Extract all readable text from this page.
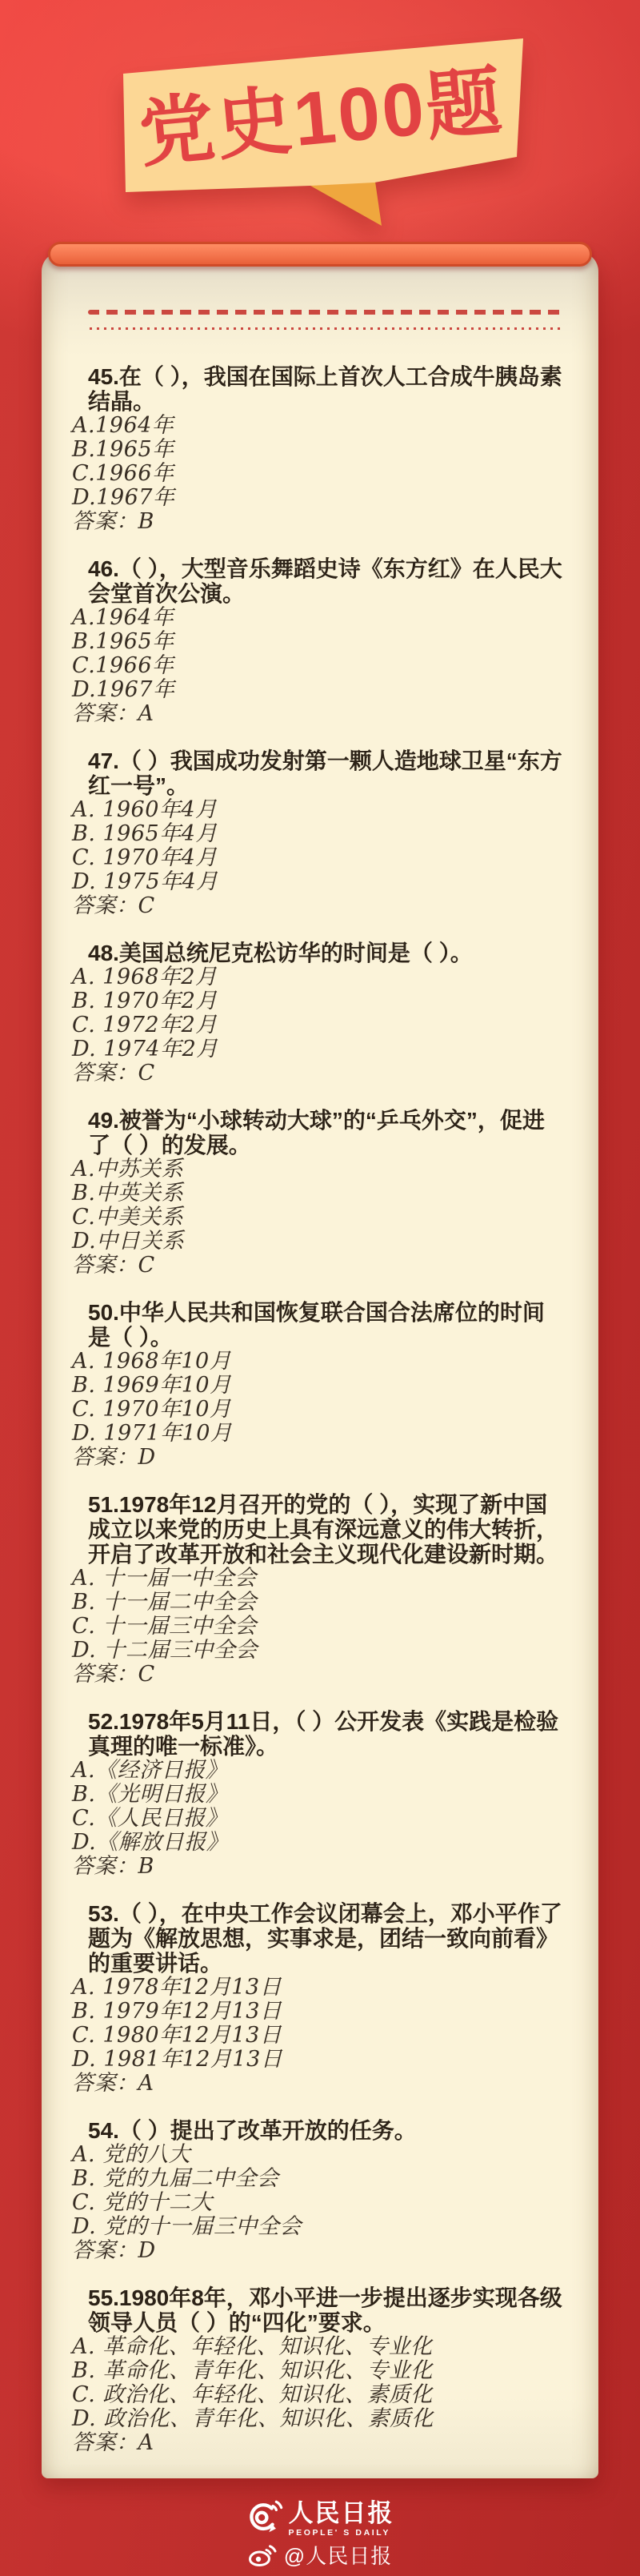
党史100题
45.在（ ），我国在国际上首次人工合成牛胰岛素结晶。

A.1964年

B.1965年

C.1966年

D.1967年

答案：B

46.（ ），大型音乐舞蹈史诗《东方红》在人民大会堂首次公演。

A.1964年

B.1965年

C.1966年

D.1967年

答案：A

47.（ ）我国成功发射第一颗人造地球卫星“东方红一号”。

A. 1960年4月

B. 1965年4月

C. 1970年4月

D. 1975年4月

答案：C

48.美国总统尼克松访华的时间是（ ）。

A. 1968年2月

B. 1970年2月

C. 1972年2月

D. 1974年2月

答案：C

49.被誉为“小球转动大球”的“乒乓外交”，促进了（ ）的发展。

A.中苏关系

B.中英关系

C.中美关系

D.中日关系

答案：C

50.中华人民共和国恢复联合国合法席位的时间是（ ）。

A. 1968年10月

B. 1969年10月

C. 1970年10月

D. 1971年10月

答案：D

51.1978年12月召开的党的（ ），实现了新中国成立以来党的历史上具有深远意义的伟大转折，开启了改革开放和社会主义现代化建设新时期。

A. 十一届一中全会

B. 十一届二中全会

C. 十一届三中全会

D. 十二届三中全会

答案：C

52.1978年5月11日，（ ）公开发表《实践是检验真理的唯一标准》。

A.《经济日报》

B.《光明日报》

C.《人民日报》

D.《解放日报》

答案：B

53.（ ），在中央工作会议闭幕会上，邓小平作了题为《解放思想，实事求是，团结一致向前看》的重要讲话。

A. 1978年12月13日

B. 1979年12月13日

C. 1980年12月13日

D. 1981年12月13日

答案：A

54.（ ）提出了改革开放的任务。

A. 党的八大

B. 党的九届二中全会

C. 党的十二大

D. 党的十一届三中全会

答案：D

55.1980年8年，邓小平进一步提出逐步实现各级领导人员（ ）的“四化”要求。

A. 革命化、年轻化、知识化、专业化

B. 革命化、青年化、知识化、专业化

C. 政治化、年轻化、知识化、素质化

D. 政治化、青年化、知识化、素质化

答案：A

人民日报
PEOPLE' S DAILY
@人民日报
